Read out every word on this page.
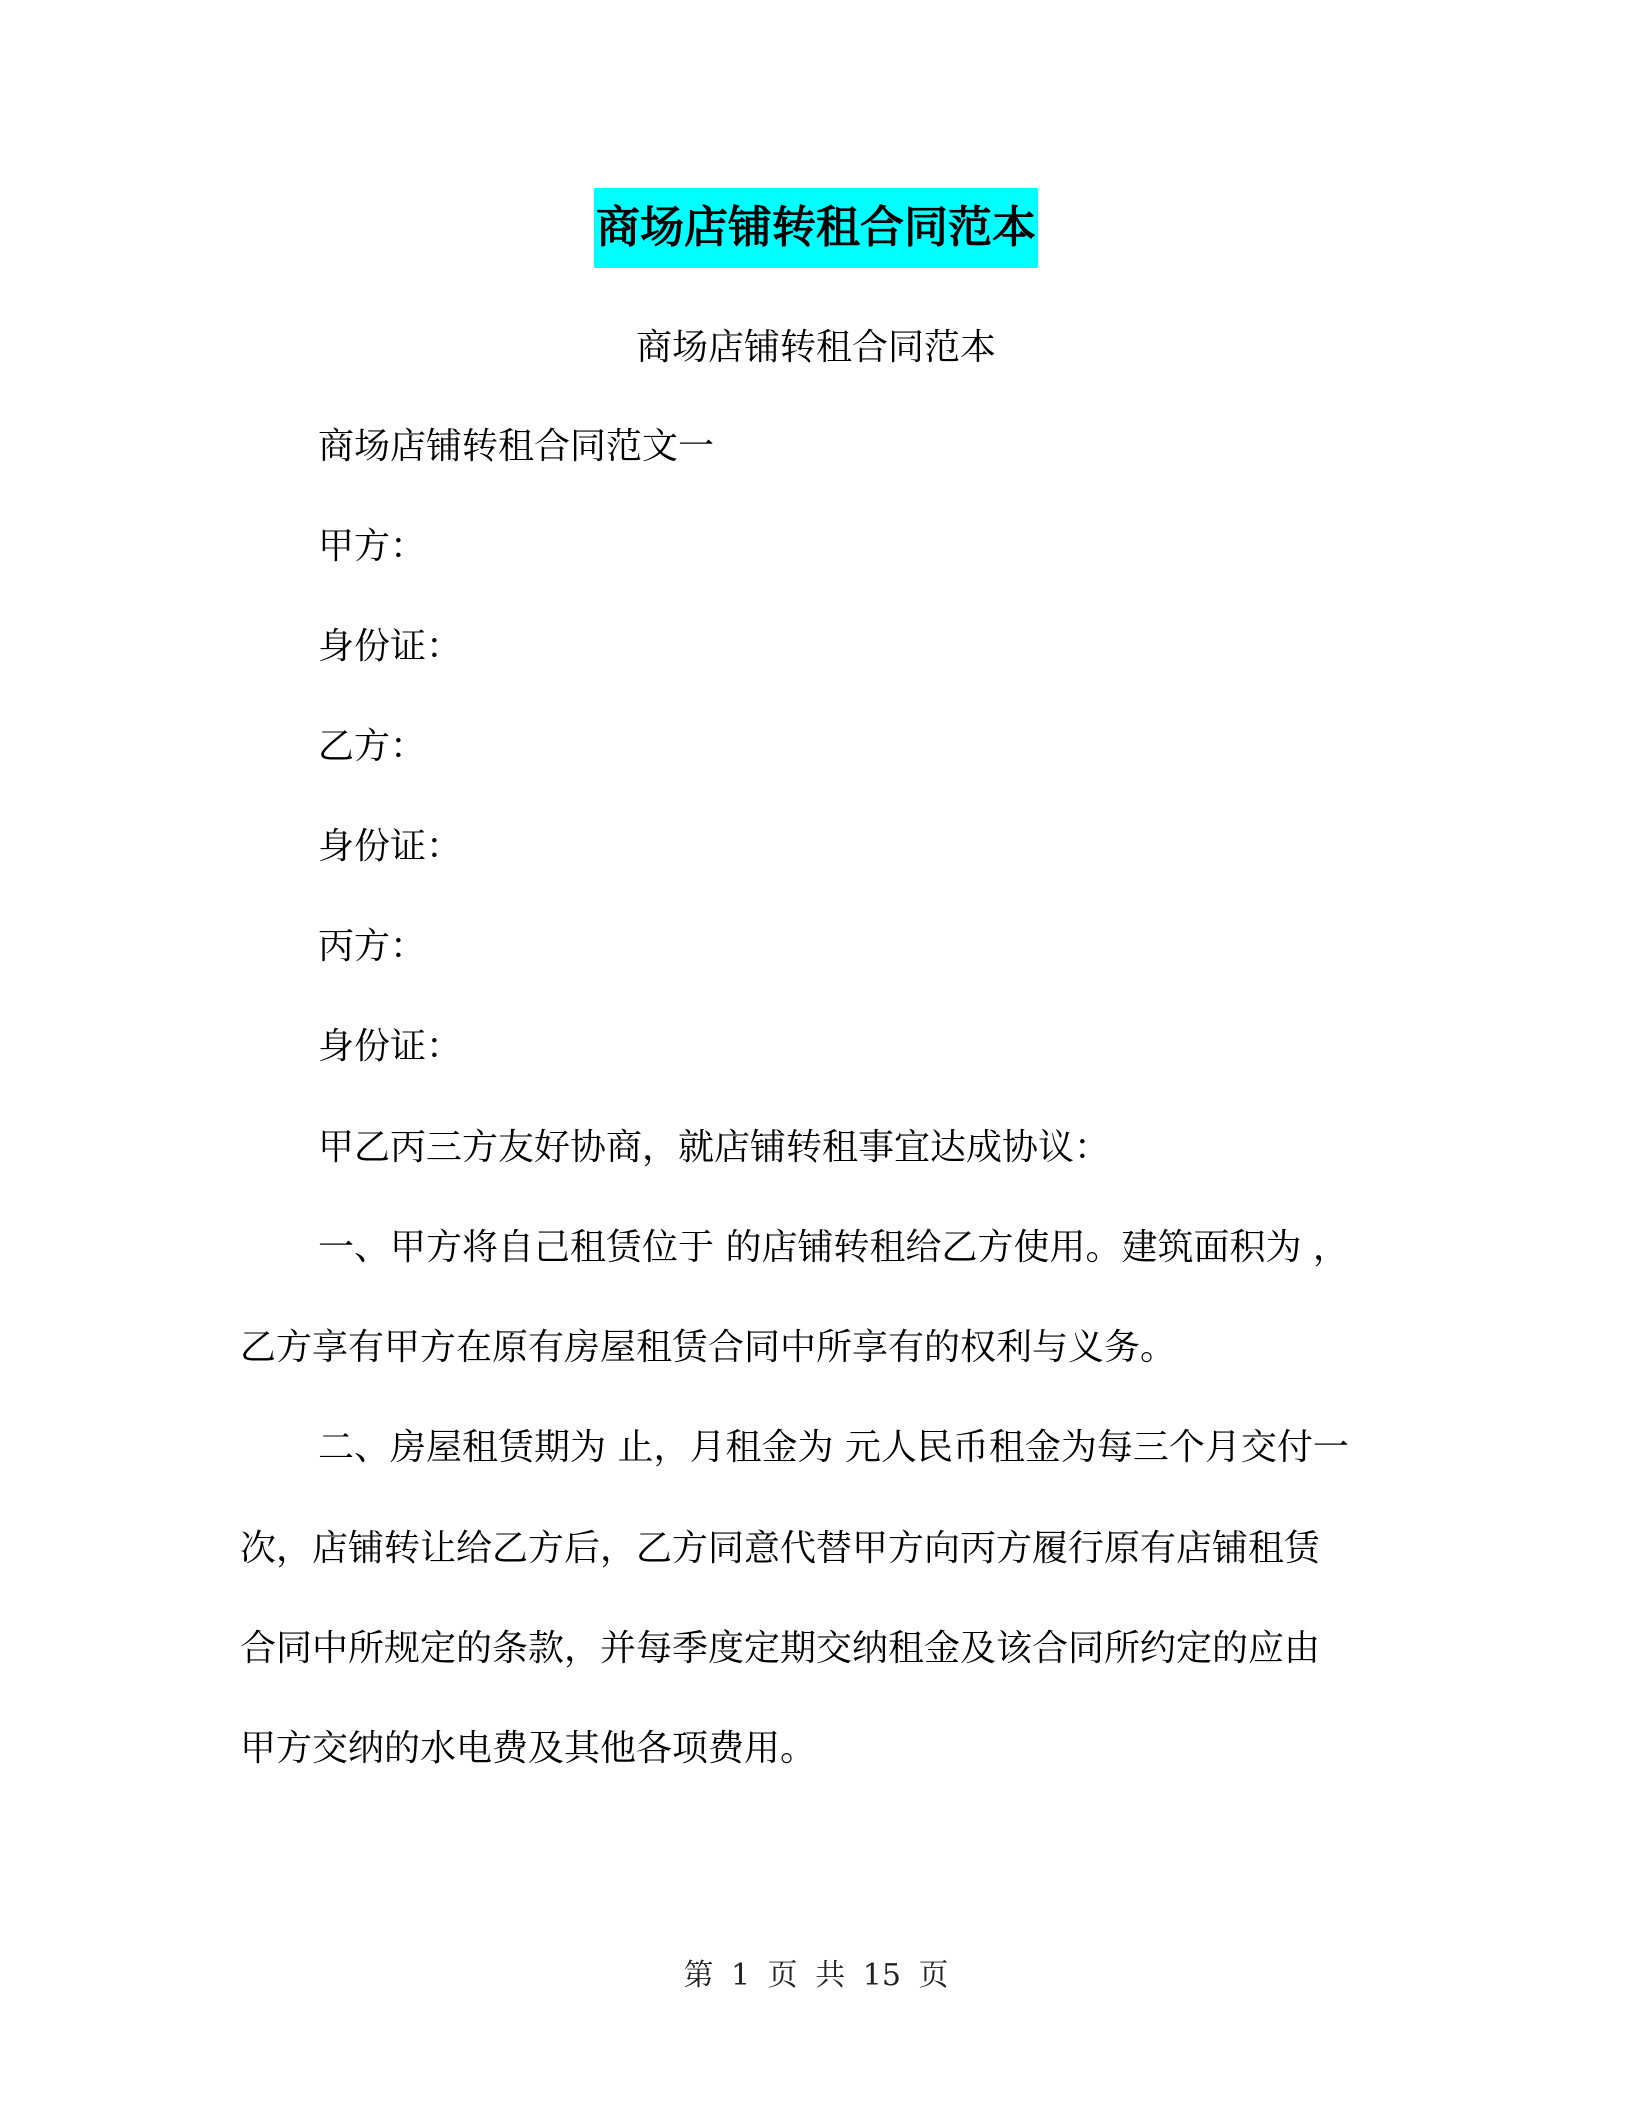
商场店铺转租合同范本
商场店铺转租合同范本
商场店铺转租合同范文一
甲方：
身份证：
乙方：
身份证：
丙方：
身份证：
甲乙丙三方友好协商，就店铺转租事宜达成协议：
一、甲方将自己租赁位于 的店铺转租给乙方使用。建筑面积为 ，
乙方享有甲方在原有房屋租赁合同中所享有的权利与义务。
二、房屋租赁期为 止，月租金为 元人民币租金为每三个月交付一
次，店铺转让给乙方后，乙方同意代替甲方向丙方履行原有店铺租赁
合同中所规定的条款，并每季度定期交纳租金及该合同所约定的应由
甲方交纳的水电费及其他各项费用。
第 1 页 共 15 页
